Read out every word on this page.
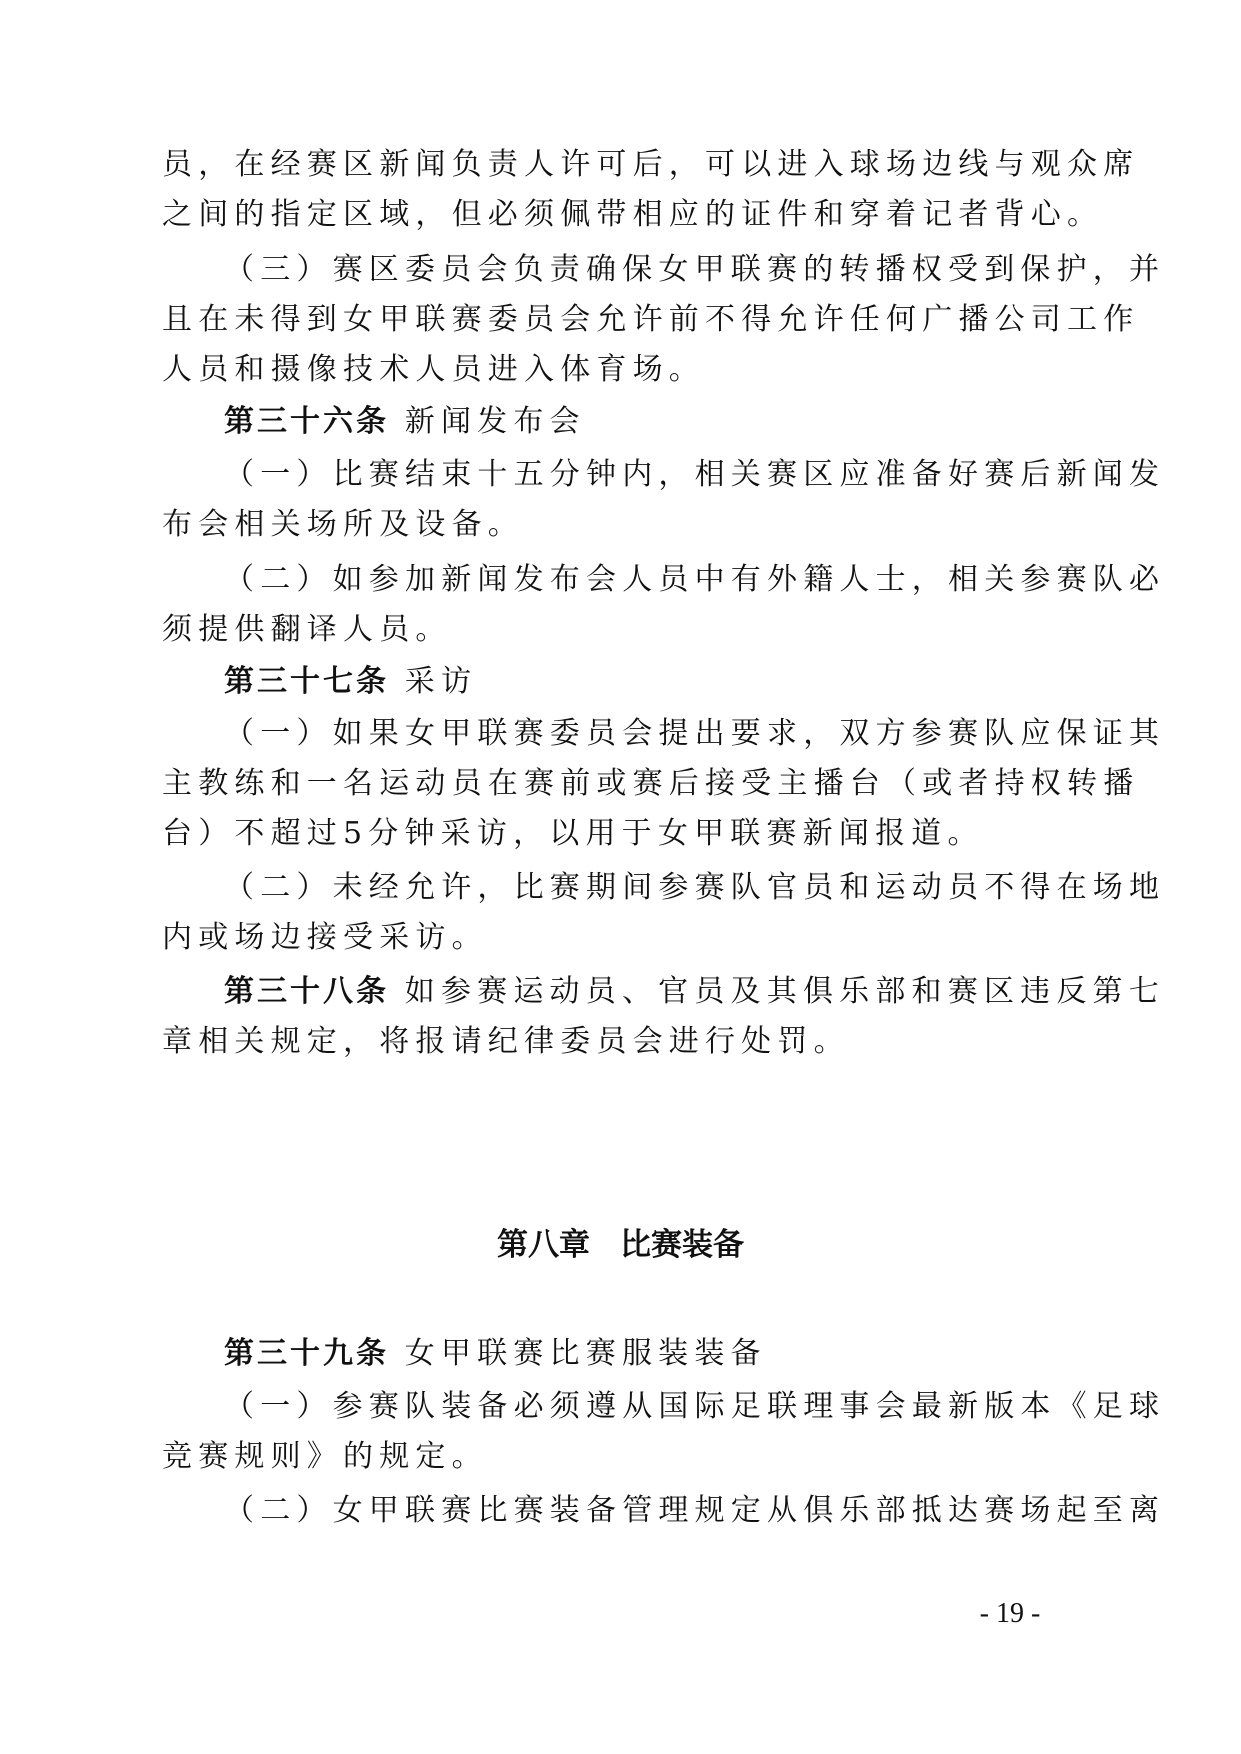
员，在经赛区新闻负责人许可后，可以进入球场边线与观众席
之间的指定区域，但必须佩带相应的证件和穿着记者背心。
（三）赛区委员会负责确保女甲联赛的转播权受到保护，并
且在未得到女甲联赛委员会允许前不得允许任何广播公司工作
人员和摄像技术人员进入体育场。
第三十六条 新闻发布会
（一）比赛结束十五分钟内，相关赛区应准备好赛后新闻发
布会相关场所及设备。
（二）如参加新闻发布会人员中有外籍人士，相关参赛队必
须提供翻译人员。
第三十七条 采访
（一）如果女甲联赛委员会提出要求，双方参赛队应保证其
主教练和一名运动员在赛前或赛后接受主播台（或者持权转播
台）不超过5分钟采访，以用于女甲联赛新闻报道。
（二）未经允许，比赛期间参赛队官员和运动员不得在场地
内或场边接受采访。
第三十八条 如参赛运动员、官员及其俱乐部和赛区违反第七
章相关规定，将报请纪律委员会进行处罚。
第八章 比赛装备
第三十九条 女甲联赛比赛服装装备
（一）参赛队装备必须遵从国际足联理事会最新版本《足球
竞赛规则》的规定。
（二）女甲联赛比赛装备管理规定从俱乐部抵达赛场起至离
- 19 -
